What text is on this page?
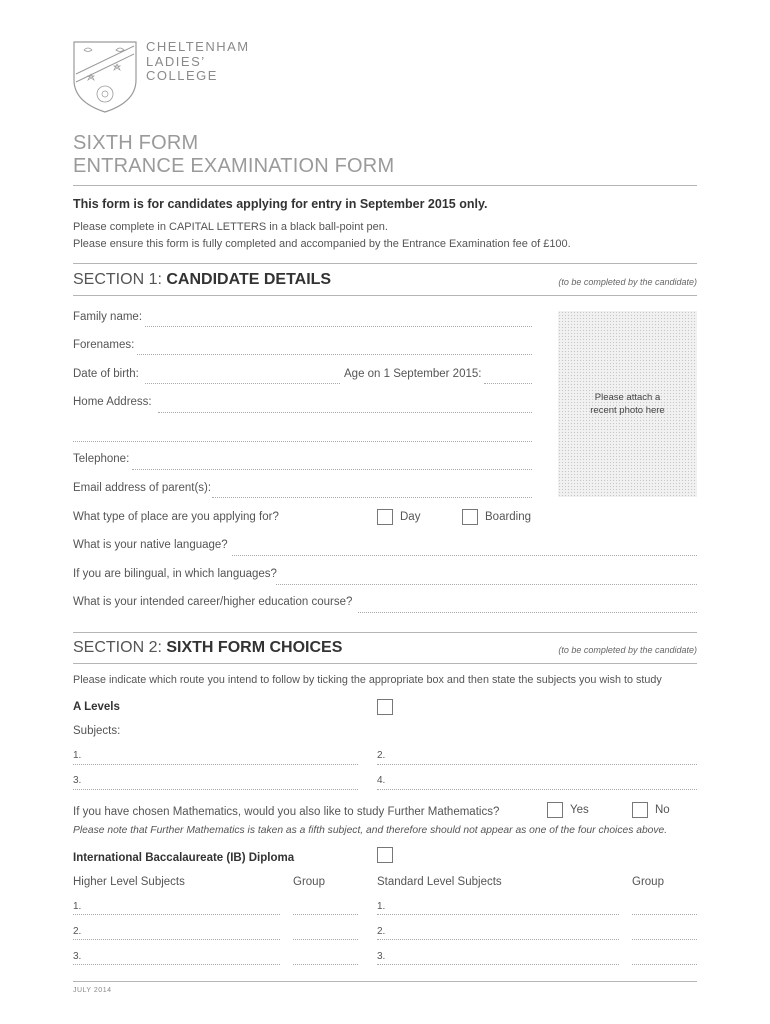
CHELTENHAM
LADIES’
COLLEGE
SIXTH FORM
ENTRANCE EXAMINATION FORM
This form is for candidates applying for entry in September 2015 only.
Please complete in CAPITAL LETTERS in a black ball-point pen.
Please ensure this form is fully completed and accompanied by the Entrance Examination fee of £100.
SECTION 1: CANDIDATE DETAILS	(to be completed by the candidate)
Please attach a
recent photo here
Family name:
Forenames:
Date of birth:	Age on 1 September 2015:
Home Address:
Telephone:
Email address of parent(s):
What type of place are you applying for?	Day	Boarding
What is your native language?
If you are bilingual, in which languages?
What is your intended career/higher education course?
SECTION 2: SIXTH FORM CHOICES	(to be completed by the candidate)
Please indicate which route you intend to follow by ticking the appropriate box and then state the subjects you wish to study
A Levels
Subjects:
1.	2.
3.	4.
If you have chosen Mathematics, would you also like to study Further Mathematics?	Yes	No
Please note that Further Mathematics is taken as a fifth subject, and therefore should not appear as one of the four choices above.
International Baccalaureate (IB) Diploma
Higher Level Subjects	Group	Standard Level Subjects	Group
1.	1.
2.	2.
3.	3.
JULY 2014
